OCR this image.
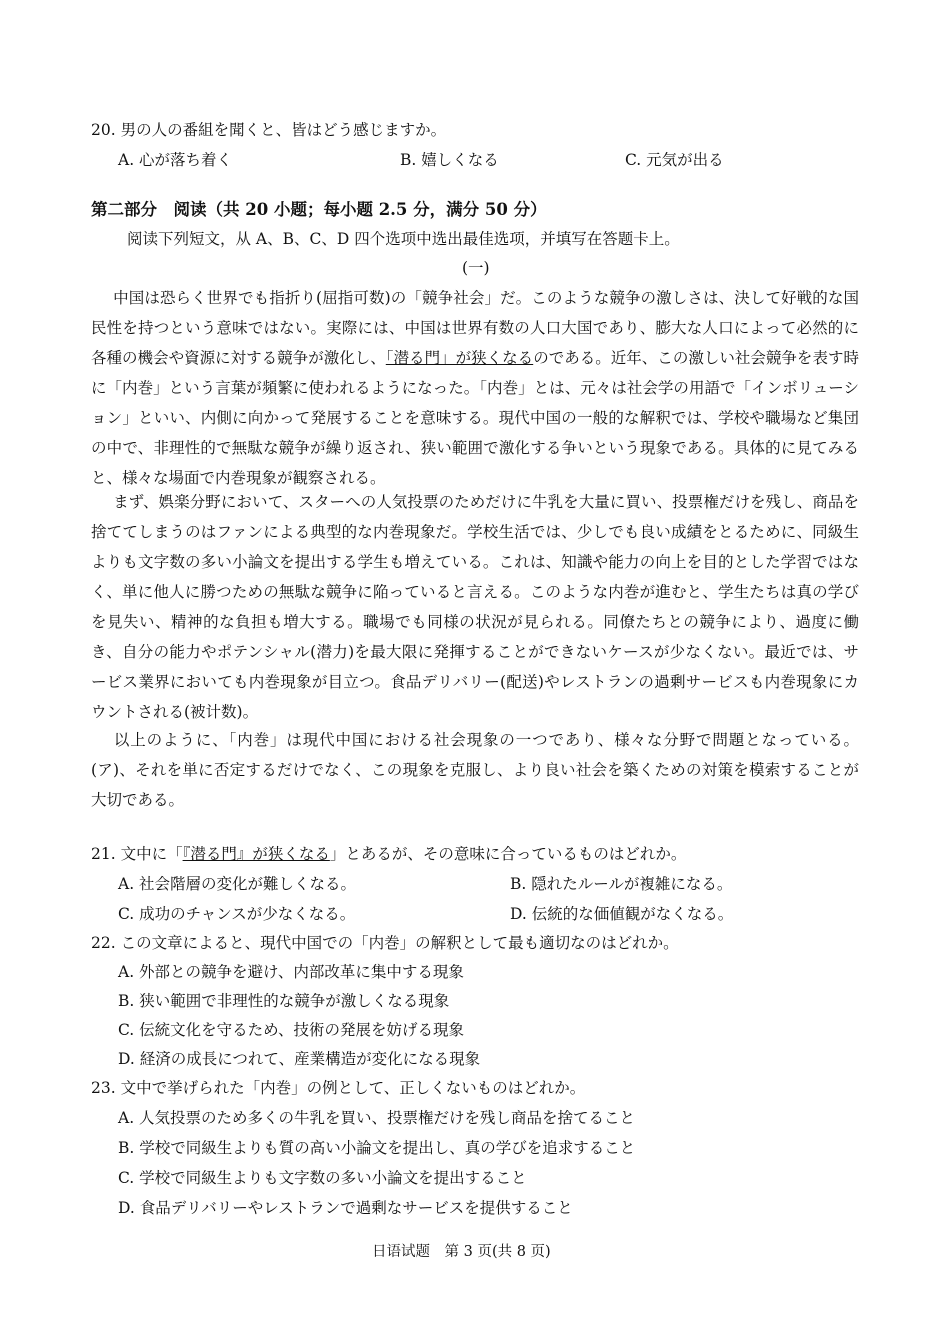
20. 男の人の番組を聞くと、皆はどう感じますか。
A. 心が落ち着く	B. 嬉しくなる	C. 元気が出る
第二部分　阅读（共 20 小题；每小题 2.5 分，满分 50 分）
阅读下列短文，从 A、B、C、D 四个选项中选出最佳选项，并填写在答题卡上。
(一)
中国は恐らく世界でも指折り(屈指可数)の「競争社会」だ。このような競争の激しさは、決して好戦的な国民性を持つという意味ではない。実際には、中国は世界有数の人口大国であり、膨大な人口によって必然的に各種の機会や資源に対する競争が激化し、「潜る門」が狭くなるのである。近年、この激しい社会競争を表す時に「内巻」という言葉が頻繁に使われるようになった。「内巻」とは、元々は社会学の用語で「インボリューション」といい、内側に向かって発展することを意味する。現代中国の一般的な解釈では、学校や職場など集団の中で、非理性的で無駄な競争が繰り返され、狭い範囲で激化する争いという現象である。具体的に見てみると、様々な場面で内巻現象が観察される。
まず、娯楽分野において、スターへの人気投票のためだけに牛乳を大量に買い、投票権だけを残し、商品を捨ててしまうのはファンによる典型的な内巻現象だ。学校生活では、少しでも良い成績をとるために、同級生よりも文字数の多い小論文を提出する学生も増えている。これは、知識や能力の向上を目的とした学習ではなく、単に他人に勝つための無駄な競争に陥っていると言える。このような内巻が進むと、学生たちは真の学びを見失い、精神的な負担も増大する。職場でも同様の状況が見られる。同僚たちとの競争により、過度に働き、自分の能力やポテンシャル(潜力)を最大限に発揮することができないケースが少なくない。最近では、サービス業界においても内巻現象が目立つ。食品デリバリー(配送)やレストランの過剰サービスも内巻現象にカウントされる(被计数)。
以上のように、「内巻」は現代中国における社会現象の一つであり、様々な分野で問題となっている。(ア)、それを単に否定するだけでなく、この現象を克服し、より良い社会を築くための対策を模索することが大切である。
21. 文中に「『潜る門』が狭くなる」とあるが、その意味に合っているものはどれか。
A. 社会階層の変化が難しくなる。	B. 隠れたルールが複雑になる。
C. 成功のチャンスが少なくなる。	D. 伝統的な価値観がなくなる。
22. この文章によると、現代中国での「内巻」の解釈として最も適切なのはどれか。
A. 外部との競争を避け、内部改革に集中する現象
B. 狭い範囲で非理性的な競争が激しくなる現象
C. 伝統文化を守るため、技術の発展を妨げる現象
D. 経済の成長につれて、産業構造が変化になる現象
23. 文中で挙げられた「内巻」の例として、正しくないものはどれか。
A. 人気投票のため多くの牛乳を買い、投票権だけを残し商品を捨てること
B. 学校で同級生よりも質の高い小論文を提出し、真の学びを追求すること
C. 学校で同級生よりも文字数の多い小論文を提出すること
D. 食品デリバリーやレストランで過剰なサービスを提供すること
日语试题　第 3 页(共 8 页)
